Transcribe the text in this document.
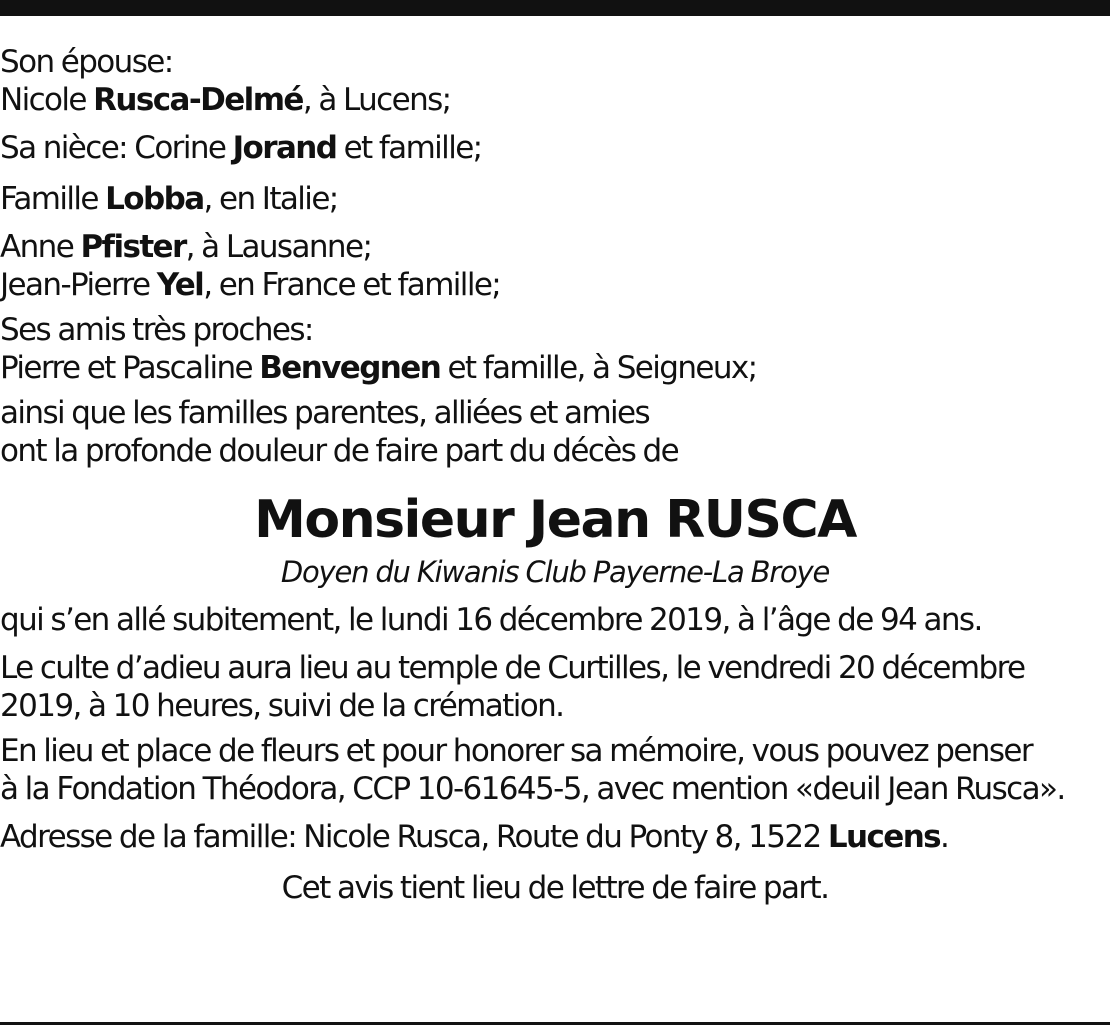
Son épouse:
Nicole Rusca-Delmé, à Lucens;
Sa nièce: Corine Jorand et famille;
Famille Lobba, en Italie;
Anne Pfister, à Lausanne;
Jean-Pierre Yel, en France et famille;
Ses amis très proches:
Pierre et Pascaline Benvegnen et famille, à Seigneux;
ainsi que les familles parentes, alliées et amies
ont la profonde douleur de faire part du décès de
Monsieur Jean RUSCA
Doyen du Kiwanis Club Payerne-La Broye
qui s’en allé subitement, le lundi 16 décembre 2019, à l’âge de 94 ans.
Le culte d’adieu aura lieu au temple de Curtilles, le vendredi 20 décembre
2019, à 10 heures, suivi de la crémation.
En lieu et place de fleurs et pour honorer sa mémoire, vous pouvez penser
à la Fondation Théodora, CCP 10-61645-5, avec mention «deuil Jean Rusca».
Adresse de la famille: Nicole Rusca, Route du Ponty 8, 1522 Lucens.
Cet avis tient lieu de lettre de faire part.
